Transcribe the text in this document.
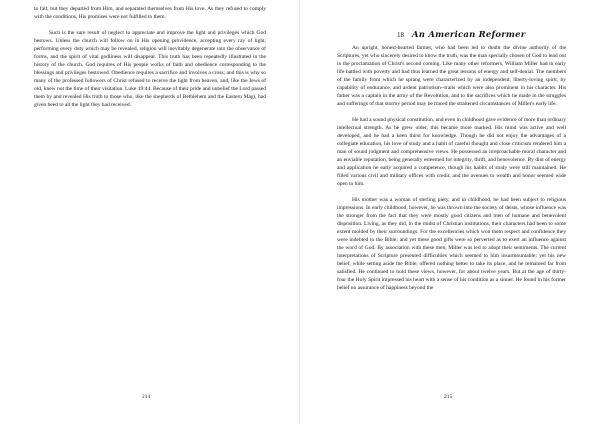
to fall; but they departed from Him, and separated themselves from His love. As they refused to comply with the conditions, His promises were not fulfilled to them.

Such is the sure result of neglect to appreciate and improve the light and privileges which God bestows. Unless the church will follow on in His opening providence, accepting every ray of light, performing every duty which may be revealed, religion will inevitably degenerate into the observance of forms, and the spirit of vital godliness will disappear. This truth has been repeatedly illustrated in the history of the church. God requires of His people works of faith and obedience corresponding to the blessings and privileges bestowed. Obedience requires a sacrifice and involves a cross; and this is why so many of the professed followers of Christ refused to receive the light from heaven, and, like the Jews of old, knew not the time of their visitation. Luke 19:44. Because of their pride and unbelief the Lord passed them by and revealed His truth to those who, like the shepherds of Bethlehem and the Eastern Magi, had given heed to all the light they had received.

214
18 An American Reformer

An upright, honest-hearted farmer, who had been led to doubt the divine authority of the Scriptures, yet who sincerely desired to know the truth, was the man specially chosen of God to lead out in the proclamation of Christ's second coming. Like many other reformers, William Miller had in early life battled with poverty and had thus learned the great lessons of energy and self-denial. The members of the family from which he sprang were characterized by an independent, liberty-loving spirit, by capability of endurance, and ardent patriotism--traits which were also prominent in his character. His father was a captain in the army of the Revolution, and to the sacrifices which he made in the struggles and sufferings of that stormy period may be traced the straitened circumstances of Miller's early life.

He had a sound physical constitution, and even in childhood gave evidence of more than ordinary intellectual strength. As he grew older, this became more marked. His mind was active and well developed, and he had a keen thirst for knowledge. Though he did not enjoy the advantages of a collegiate education, his love of study and a habit of careful thought and close criticism rendered him a man of sound judgment and comprehensive views. He possessed an irreproachable moral character and an enviable reputation, being generally esteemed for integrity, thrift, and benevolence. By dint of energy and application he early acquired a competence, though his habits of study were still maintained. He filled various civil and military offices with credit, and the avenues to wealth and honor seemed wide open to him.

His mother was a woman of sterling piety, and in childhood, he had been subject to religious impressions. In early childhood, however, he was thrown into the society of deists, whose influence was the stronger from the fact that they were mostly good citizens and men of humane and benevolent disposition. Living, as they did, in the midst of Christian institutions, their characters had been to some extent molded by their surroundings. For the excellencies which won them respect and confidence they were indebted to the Bible; and yet these good gifts were so perverted as to exert an influence against the word of God. By association with these men, Miller was led to adopt their sentiments. The current interpretations of Scripture presented difficulties which seemed to him insurmountable; yet his new belief, while setting aside the Bible, offered nothing better to take its place, and he remained far from satisfied. He continued to hold these views, however, for about twelve years. But at the age of thirty-four the Holy Spirit impressed his heart with a sense of his condition as a sinner. He found in his former belief no assurance of happiness beyond the

215
